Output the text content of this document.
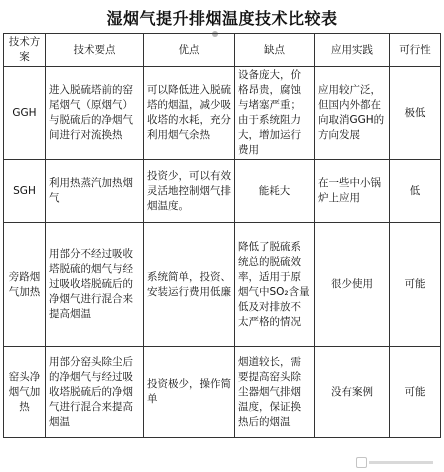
湿烟气提升排烟温度技术比较表
技术方案	技术要点	优点	缺点	应用实践	可行性
GGH	进入脱硫塔前的窑尾烟气（原烟气）与脱硫后的净烟气间进行对流换热	可以降低进入脱硫塔的烟温，减少吸收塔的水耗，充分利用烟气余热	设备庞大，价格昂贵，腐蚀与堵塞严重；由于系统阻力大，增加运行费用	应用较广泛，但国内外都在向取消GGH的方向发展	极低
SGH	利用热蒸汽加热烟气	投资少，可以有效灵活地控制烟气排烟温度。	能耗大	在一些中小锅炉上应用	低
旁路烟气加热	用部分不经过吸收塔脱硫的烟气与经过吸收塔脱硫后的净烟气进行混合来提高烟温	系统简单，投资、安装运行费用低廉	降低了脱硫系统总的脱硫效率，适用于原烟气中SO₂含量低及对排放不太严格的情况	很少使用	可能
窑头净烟气加热	用部分窑头除尘后的净烟气与经过吸收塔脱硫后的净烟气进行混合来提高烟温	投资极少，操作简单	烟道较长，需要提高窑头除尘器烟气排烟温度，保证换热后的烟温	没有案例	可能
